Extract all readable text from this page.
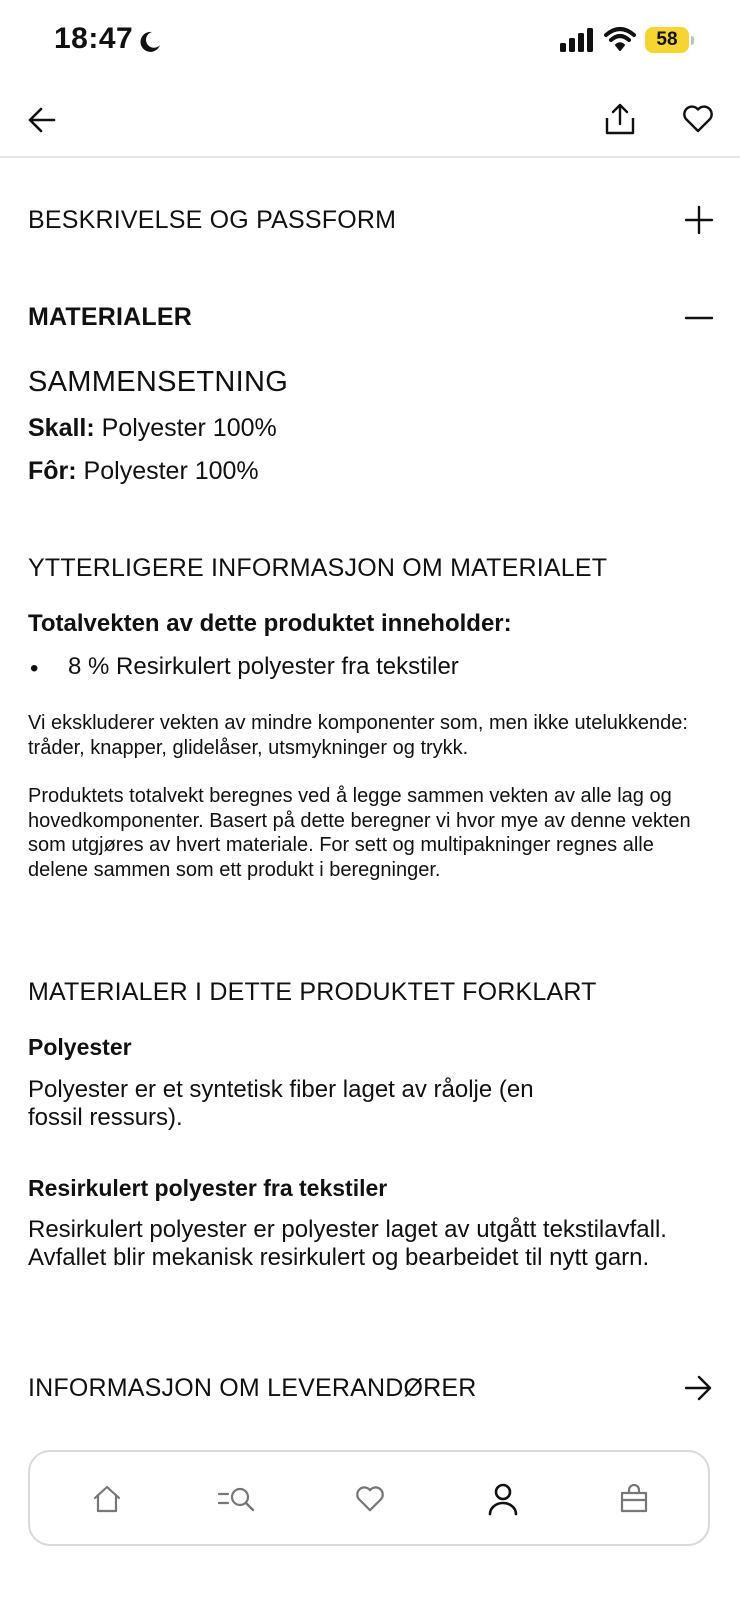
18:47	58
BESKRIVELSE OG PASSFORM
MATERIALER
SAMMENSETNING
Skall: Polyester 100%
Fôr: Polyester 100%
YTTERLIGERE INFORMASJON OM MATERIALET
Totalvekten av dette produktet inneholder:
• 8 % Resirkulert polyester fra tekstiler
Vi ekskluderer vekten av mindre komponenter som, men ikke utelukkende: tråder, knapper, glidelåser, utsmykninger og trykk.
Produktets totalvekt beregnes ved å legge sammen vekten av alle lag og hovedkomponenter. Basert på dette beregner vi hvor mye av denne vekten som utgjøres av hvert materiale. For sett og multipakninger regnes alle delene sammen som ett produkt i beregninger.
MATERIALER I DETTE PRODUKTET FORKLART
Polyester
Polyester er et syntetisk fiber laget av råolje (en fossil ressurs).
Resirkulert polyester fra tekstiler
Resirkulert polyester er polyester laget av utgått tekstilavfall. Avfallet blir mekanisk resirkulert og bearbeidet til nytt garn.
INFORMASJON OM LEVERANDØRER
